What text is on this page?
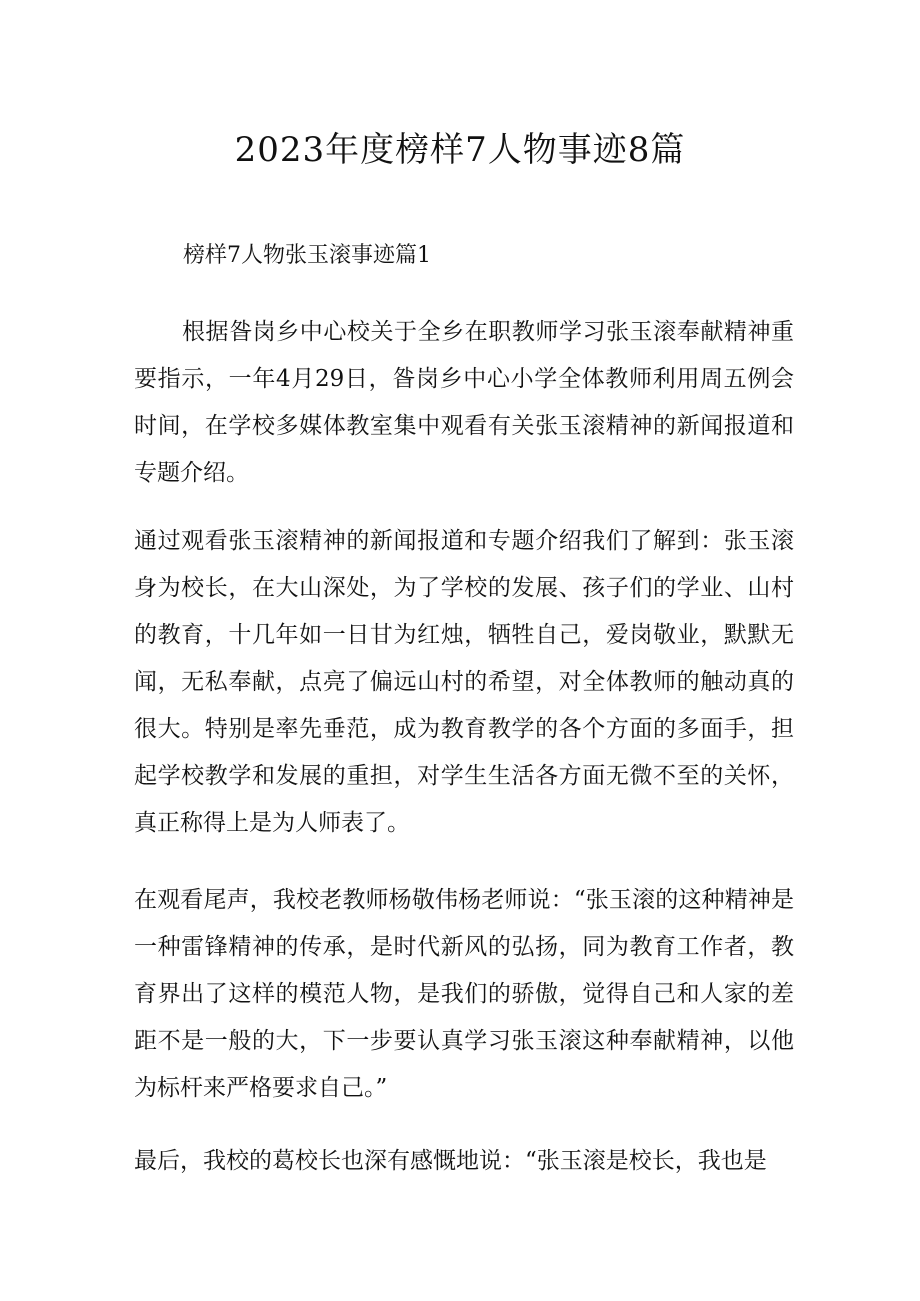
2023年度榜样7人物事迹8篇

榜样7人物张玉滚事迹篇1

根据昝岗乡中心校关于全乡在职教师学习张玉滚奉献精神重要指示，一年4月29日，昝岗乡中心小学全体教师利用周五例会时间，在学校多媒体教室集中观看有关张玉滚精神的新闻报道和专题介绍。

通过观看张玉滚精神的新闻报道和专题介绍我们了解到：张玉滚身为校长，在大山深处，为了学校的发展、孩子们的学业、山村的教育，十几年如一日甘为红烛，牺牲自己，爱岗敬业，默默无闻，无私奉献，点亮了偏远山村的希望，对全体教师的触动真的很大。特别是率先垂范，成为教育教学的各个方面的多面手，担起学校教学和发展的重担，对学生生活各方面无微不至的关怀，真正称得上是为人师表了。

在观看尾声，我校老教师杨敬伟杨老师说：“张玉滚的这种精神是一种雷锋精神的传承，是时代新风的弘扬，同为教育工作者，教育界出了这样的模范人物，是我们的骄傲，觉得自己和人家的差距不是一般的大，下一步要认真学习张玉滚这种奉献精神，以他为标杆来严格要求自己。”

最后，我校的葛校长也深有感慨地说：“张玉滚是校长，我也是
